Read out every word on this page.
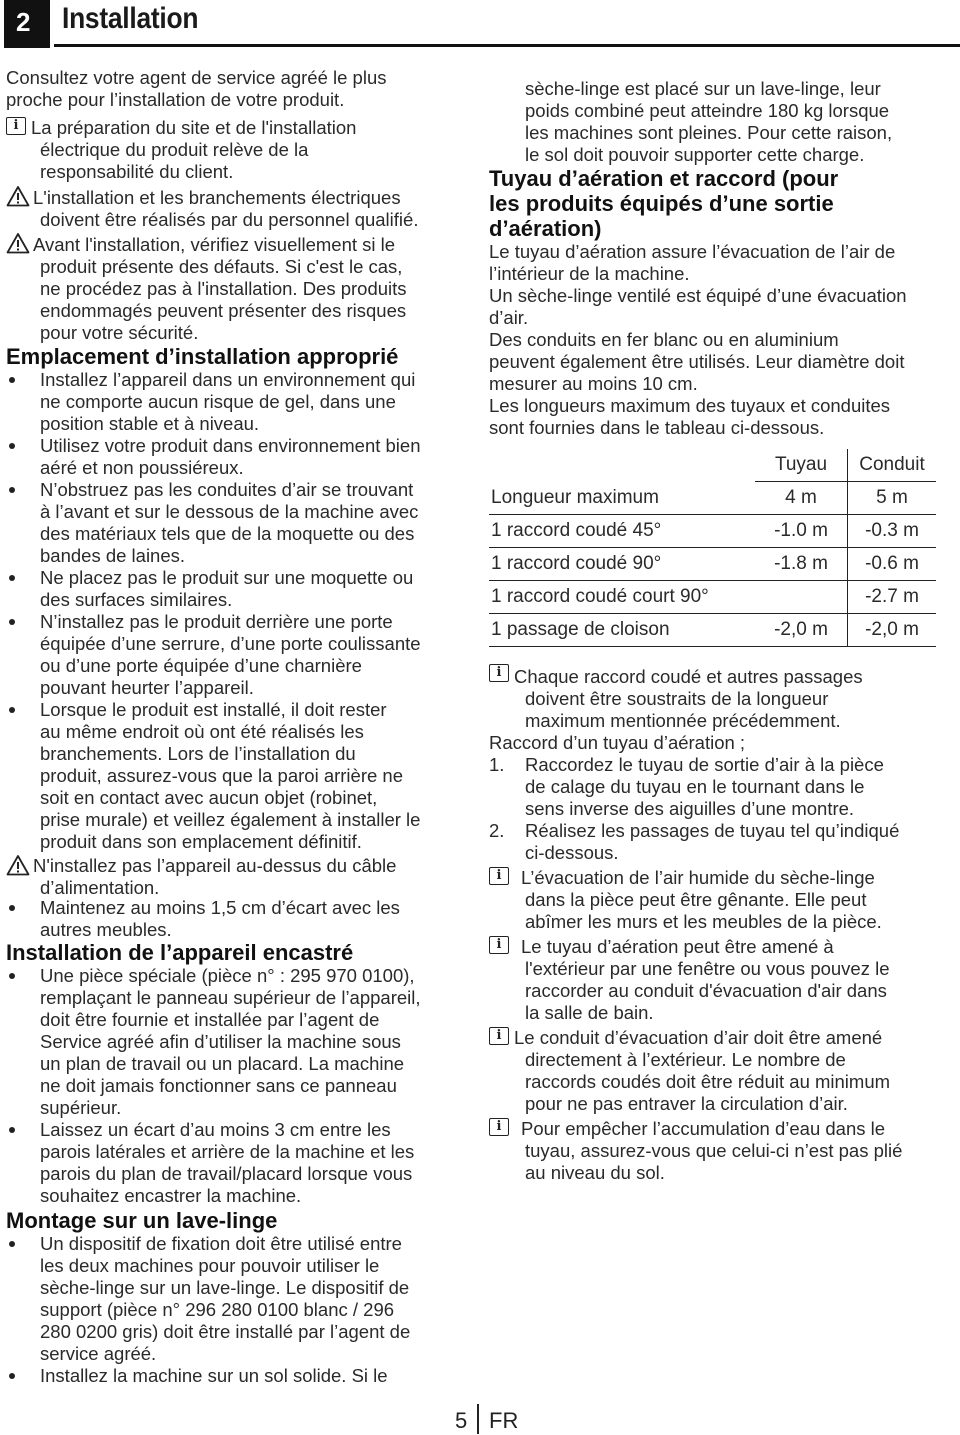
2	Installation
Consultez votre agent de service agréé le plus
proche pour l’installation de votre produit.
i La préparation du site et de l'installation
électrique du produit relève de la
responsabilité du client.
L'installation et les branchements électriques
doivent être réalisés par du personnel qualifié.
Avant l'installation, vérifiez visuellement si le
produit présente des défauts. Si c'est le cas,
ne procédez pas à l'installation. Des produits
endommagés peuvent présenter des risques
pour votre sécurité.
Emplacement d’installation approprié
Installez l’appareil dans un environnement qui
ne comporte aucun risque de gel, dans une
position stable et à niveau.
Utilisez votre produit dans environnement bien
aéré et non poussiéreux.
N’obstruez pas les conduites d’air se trouvant
à l’avant et sur le dessous de la machine avec
des matériaux tels que de la moquette ou des
bandes de laines.
Ne placez pas le produit sur une moquette ou
des surfaces similaires.
N’installez pas le produit derrière une porte
équipée d’une serrure, d’une porte coulissante
ou d’une porte équipée d’une charnière
pouvant heurter l’appareil.
Lorsque le produit est installé, il doit rester
au même endroit où ont été réalisés les
branchements. Lors de l’installation du
produit, assurez-vous que la paroi arrière ne
soit en contact avec aucun objet (robinet,
prise murale) et veillez également à installer le
produit dans son emplacement définitif.
N'installez pas l’appareil au-dessus du câble
d’alimentation.
Maintenez au moins 1,5 cm d’écart avec les
autres meubles.
Installation de l’appareil encastré
Une pièce spéciale (pièce n° : 295 970 0100),
remplaçant le panneau supérieur de l’appareil,
doit être fournie et installée par l’agent de
Service agréé afin d’utiliser la machine sous
un plan de travail ou un placard. La machine
ne doit jamais fonctionner sans ce panneau
supérieur.
Laissez un écart d’au moins 3 cm entre les
parois latérales et arrière de la machine et les
parois du plan de travail/placard lorsque vous
souhaitez encastrer la machine.
Montage sur un lave-linge
Un dispositif de fixation doit être utilisé entre
les deux machines pour pouvoir utiliser le
sèche-linge sur un lave-linge. Le dispositif de
support (pièce n° 296 280 0100 blanc / 296
280 0200 gris) doit être installé par l’agent de
service agréé.
Installez la machine sur un sol solide. Si le
sèche-linge est placé sur un lave-linge, leur
poids combiné peut atteindre 180 kg lorsque
les machines sont pleines. Pour cette raison,
le sol doit pouvoir supporter cette charge.
Tuyau d’aération et raccord (pour
les produits équipés d’une sortie
d’aération)
Le tuyau d’aération assure l’évacuation de l’air de
l’intérieur de la machine.
Un sèche-linge ventilé est équipé d’une évacuation
d’air.
Des conduits en fer blanc ou en aluminium
peuvent également être utilisés. Leur diamètre doit
mesurer au moins 10 cm.
Les longueurs maximum des tuyaux et conduites
sont fournies dans le tableau ci-dessous.
i Chaque raccord coudé et autres passages
doivent être soustraits de la longueur
maximum mentionnée précédemment.
Raccord d’un tuyau d’aération ;
1. Raccordez le tuyau de sortie d’air à la pièce
de calage du tuyau en le tournant dans le
sens inverse des aiguilles d’une montre.
2. Réalisez les passages de tuyau tel qu’indiqué
ci-dessous.
i	L’évacuation de l’air humide du sèche-linge
dans la pièce peut être gênante. Elle peut
abîmer les murs et les meubles de la pièce.
i	Le tuyau d’aération peut être amené à
l'extérieur par une fenêtre ou vous pouvez le
raccorder au conduit d'évacuation d'air dans
la salle de bain.
i Le conduit d’évacuation d’air doit être amené
directement à l’extérieur. Le nombre de
raccords coudés doit être réduit au minimum
pour ne pas entraver la circulation d’air.
i	Pour empêcher l’accumulation d’eau dans le
tuyau, assurez-vous que celui-ci n’est pas plié
au niveau du sol.
	Tuyau	Conduit
Longueur maximum	4 m	5 m
1 raccord coudé 45°	-1.0 m	-0.3 m
1 raccord coudé 90°	-1.8 m	-0.6 m
1 raccord coudé court 90°		-2.7 m
1 passage de cloison	-2,0 m	-2,0 m
5 FR
